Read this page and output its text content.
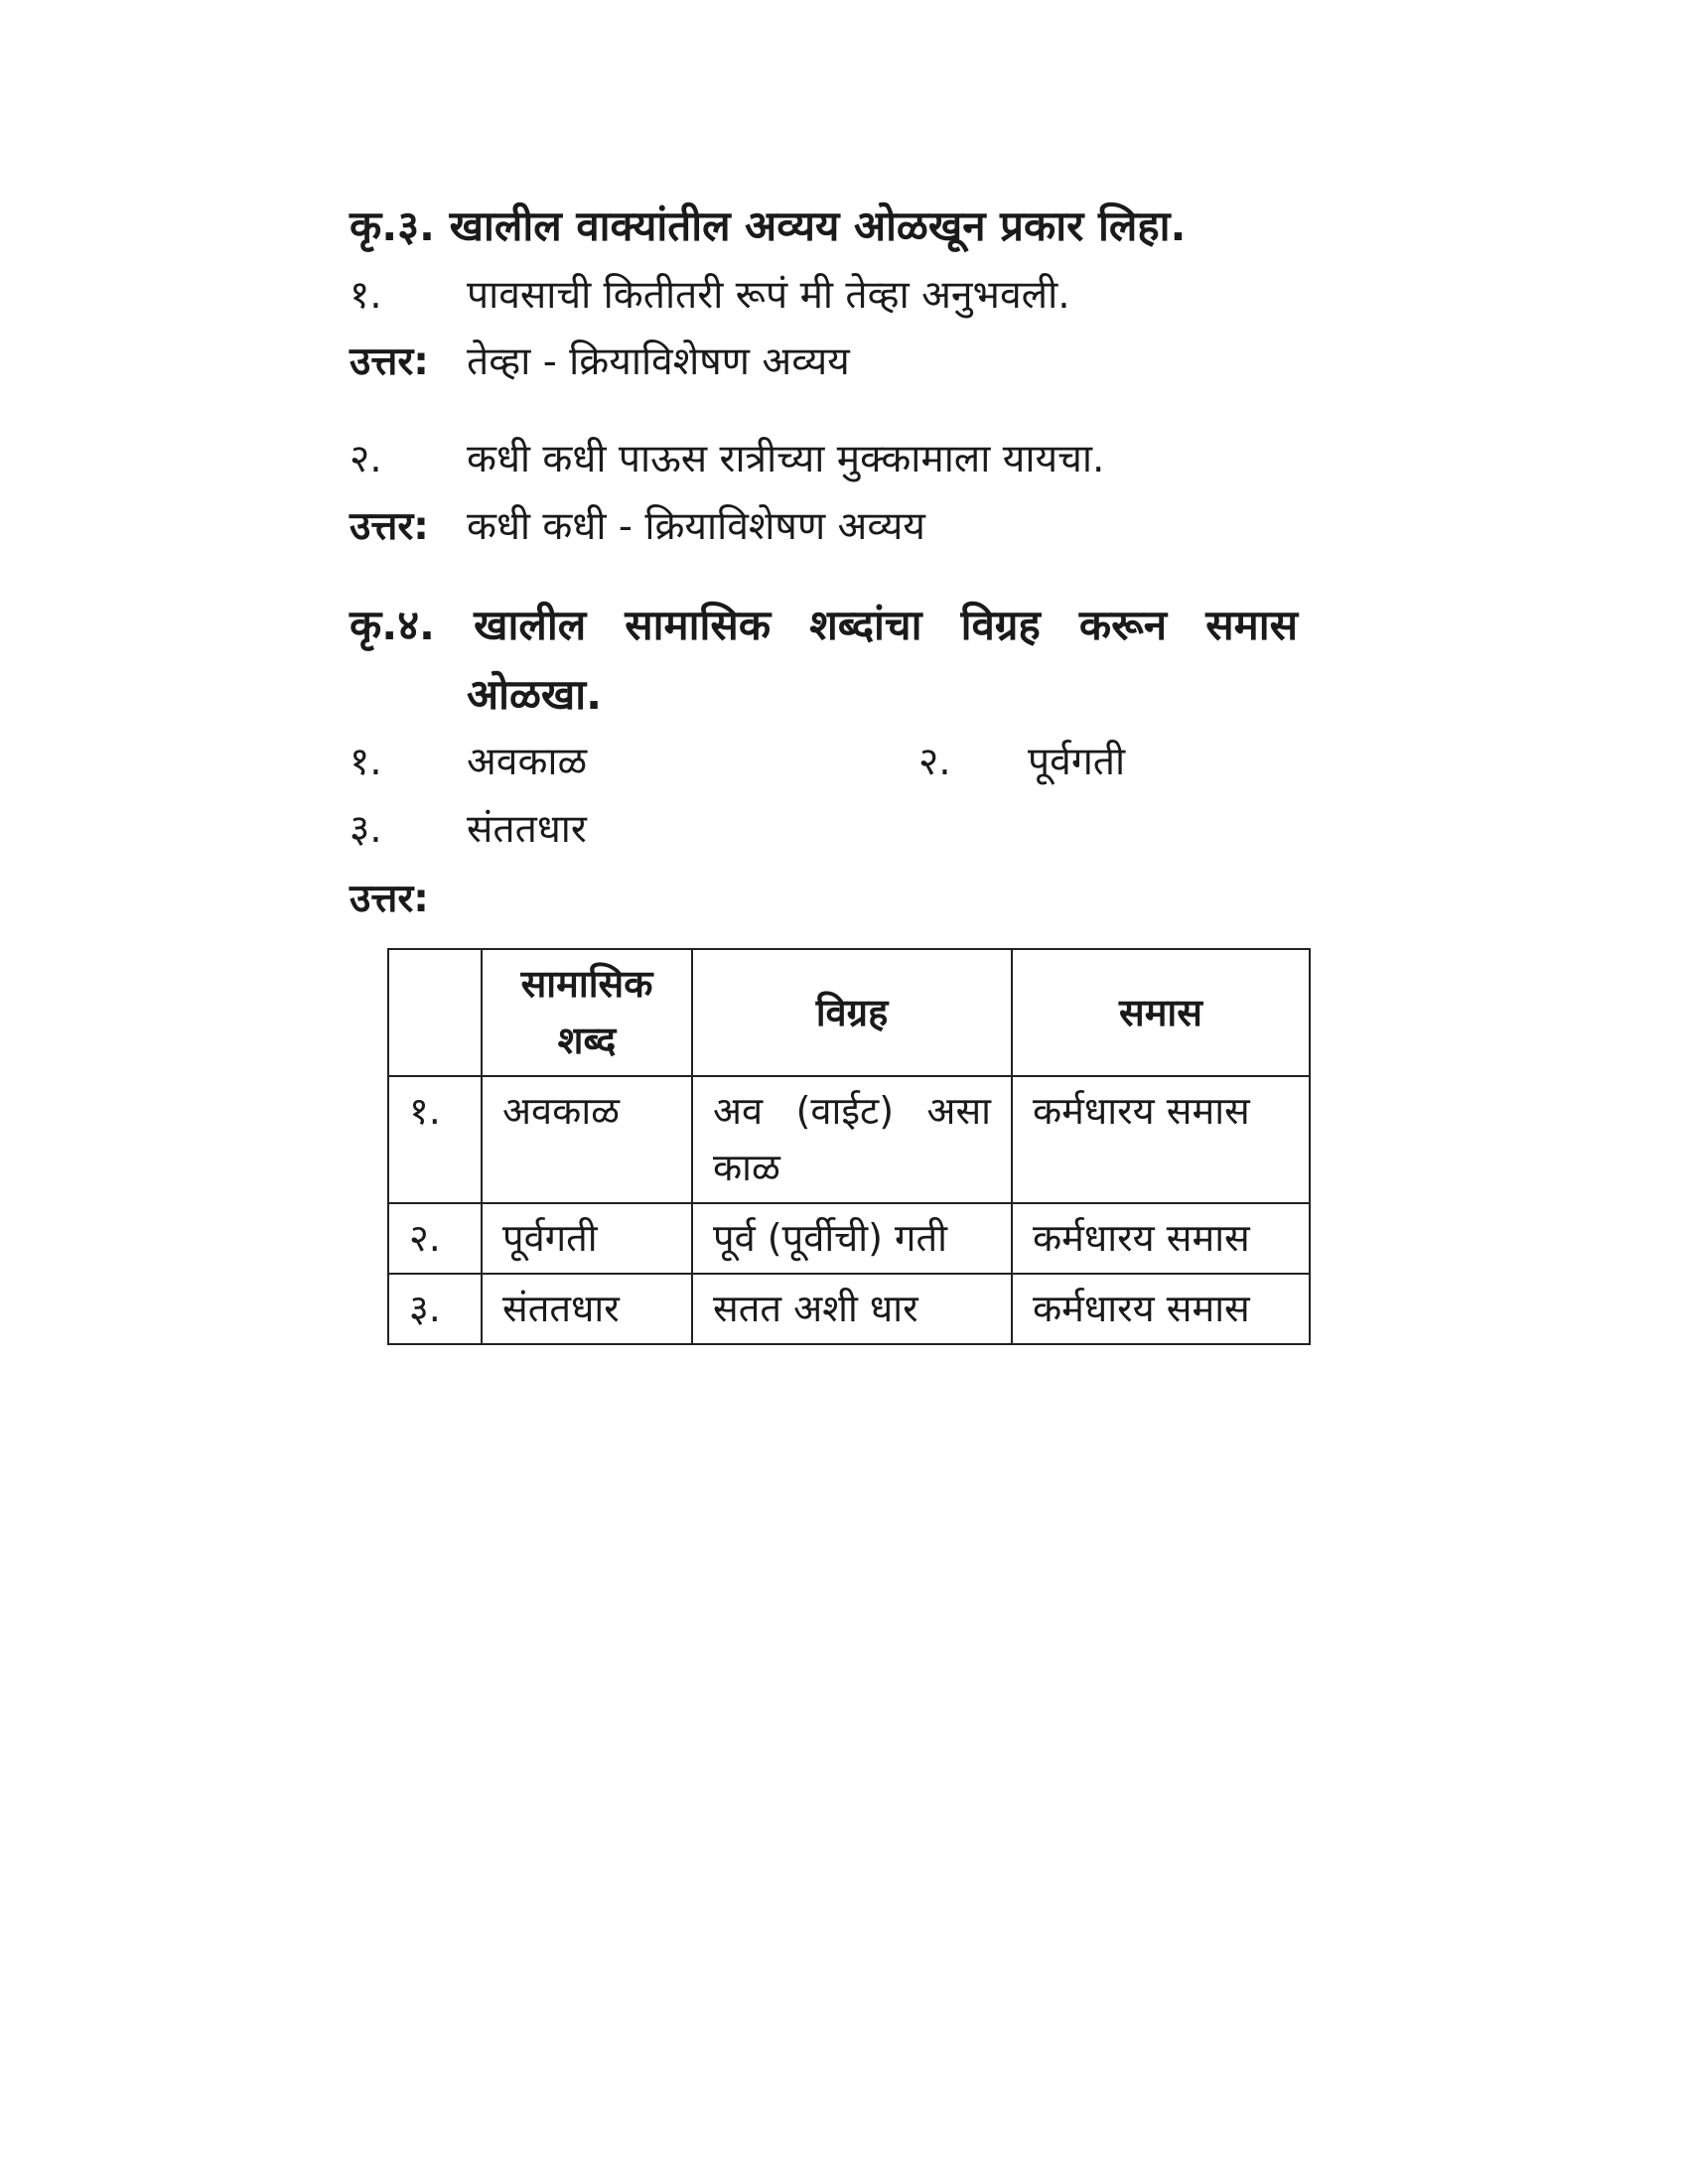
कृ.३. खालील वाक्यांतील अव्यय ओळखून प्रकार लिहा.
१. पावसाची कितीतरी रूपं मी तेव्हा अनुभवली.
उत्तर: तेव्हा - क्रियाविशेषण अव्यय
२. कधी कधी पाऊस रात्रीच्या मुक्कामाला यायचा.
उत्तर: कधी कधी - क्रियाविशेषण अव्यय
कृ.४. खालील सामासिक शब्दांचा विग्रह करून समास
ओळखा.
१. अवकाळ	२. पूर्वगती
३. संततधार
उत्तर:
	सामासिक शब्द	विग्रह	समास
१.	अवकाळ	अव (वाईट) असा काळ	कर्मधारय समास
२.	पूर्वगती	पूर्व (पूर्वीची) गती	कर्मधारय समास
३.	संततधार	सतत अशी धार	कर्मधारय समास
